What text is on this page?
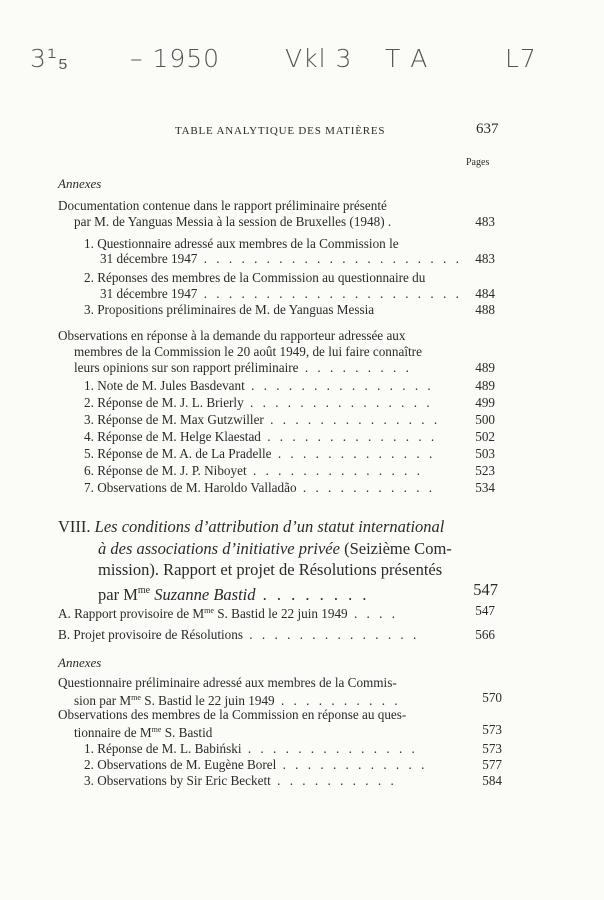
3¹₅ – 1950	Vkl 3 T A	L7
TABLE ANALYTIQUE DES MATIÈRES	637
Pages
Annexes
Documentation contenue dans le rapport préliminaire présenté
par M. de Yanguas Messia à la session de Bruxelles (1948) .	483
1. Questionnaire adressé aux membres de la Commission le
31 décembre 1947 . . . . . . . . . . . . . . . . . . . . .	483
2. Réponses des membres de la Commission au questionnaire du
31 décembre 1947 . . . . . . . . . . . . . . . . . . . . .	484
3. Propositions préliminaires de M. de Yanguas Messia	488
Observations en réponse à la demande du rapporteur adressée aux
membres de la Commission le 20 août 1949, de lui faire connaître
leurs opinions sur son rapport préliminaire . . . . . . . . .	489
1. Note de M. Jules Basdevant . . . . . . . . . . . . . . .	489
2. Réponse de M. J. L. Brierly . . . . . . . . . . . . . . .	499
3. Réponse de M. Max Gutzwiller . . . . . . . . . . . . . .	500
4. Réponse de M. Helge Klaestad . . . . . . . . . . . . . .	502
5. Réponse de M. A. de La Pradelle . . . . . . . . . . . . .	503
6. Réponse de M. J. P. Niboyet . . . . . . . . . . . . . .	523
7. Observations de M. Haroldo Valladão . . . . . . . . . . .	534
VIII. Les conditions d’attribution d’un statut international
à des associations d’initiative privée (Seizième Com-
mission). Rapport et projet de Résolutions présentés
par $M^{me}$ Suzanne Bastid . . . . . . . .	547
A. Rapport provisoire de $M^{me}$ S. Bastid le 22 juin 1949 . . . .	547
B. Projet provisoire de Résolutions . . . . . . . . . . . . . .	566
Annexes
Questionnaire préliminaire adressé aux membres de la Commis-
sion par $M^{me}$ S. Bastid le 22 juin 1949 . . . . . . . . . .	570
Observations des membres de la Commission en réponse au ques-
tionnaire de $M^{me}$ S. Bastid	573
1. Réponse de M. L. Babiński . . . . . . . . . . . . . .	573
2. Observations de M. Eugène Borel . . . . . . . . . . . .	577
3. Observations by Sir Eric Beckett . . . . . . . . . .	584
